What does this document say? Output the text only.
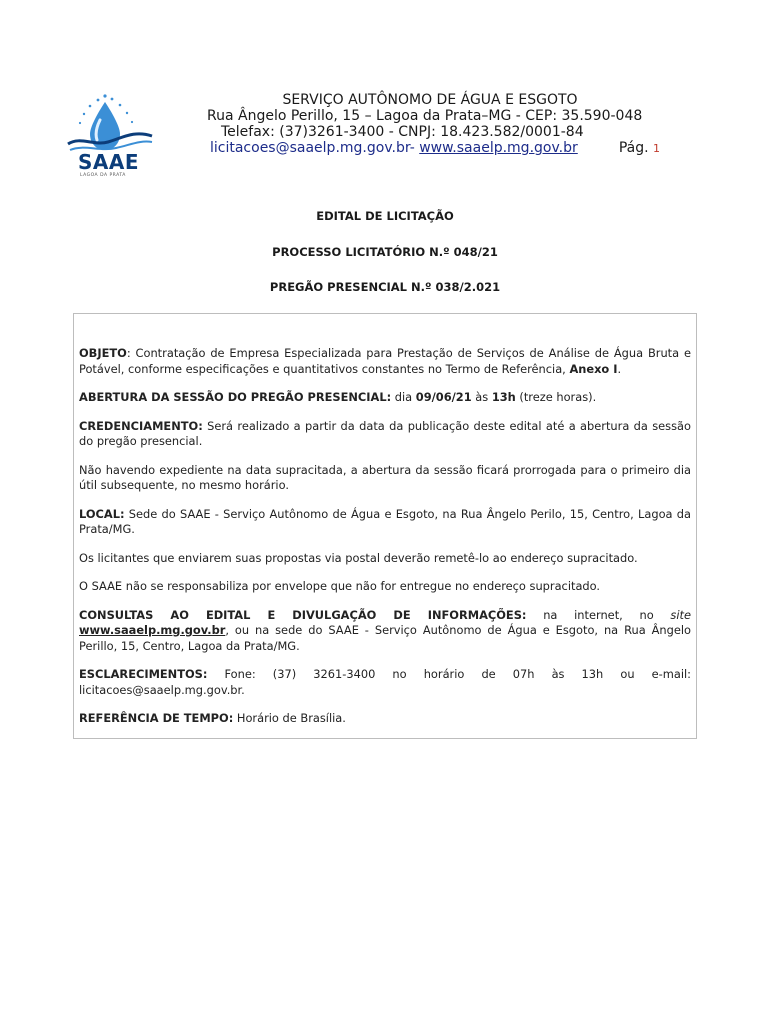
SAAE
LAGOA DA PRATA
SERVIÇO AUTÔNOMO DE ÁGUA E ESGOTO
Rua Ângelo Perillo, 15 – Lagoa da Prata–MG - CEP: 35.590-048
Telefax: (37)3261-3400 - CNPJ: 18.423.582/0001-84
licitacoes@saaelp.mg.gov.br- www.saaelp.mg.gov.br	Pág. 1
EDITAL DE LICITAÇÃO
PROCESSO LICITATÓRIO N.º 048/21
PREGÃO PRESENCIAL N.º 038/2.021

OBJETO: Contratação de Empresa Especializada para Prestação de Serviços de Análise de Água Bruta e Potável, conforme especificações e quantitativos constantes no Termo de Referência, Anexo I.

ABERTURA DA SESSÃO DO PREGÃO PRESENCIAL: dia 09/06/21 às 13h (treze horas).

CREDENCIAMENTO: Será realizado a partir da data da publicação deste edital até a abertura da sessão do pregão presencial.

Não havendo expediente na data supracitada, a abertura da sessão ficará prorrogada para o primeiro dia útil subsequente, no mesmo horário.

LOCAL: Sede do SAAE - Serviço Autônomo de Água e Esgoto, na Rua Ângelo Perilo, 15, Centro, Lagoa da Prata/MG.

Os licitantes que enviarem suas propostas via postal deverão remetê-lo ao endereço supracitado.

O SAAE não se responsabiliza por envelope que não for entregue no endereço supracitado.

CONSULTAS AO EDITAL E DIVULGAÇÃO DE INFORMAÇÕES: na internet, no site www.saaelp.mg.gov.br, ou na sede do SAAE - Serviço Autônomo de Água e Esgoto, na Rua Ângelo Perillo, 15, Centro, Lagoa da Prata/MG.

ESCLARECIMENTOS: Fone: (37) 3261-3400 no horário de 07h às 13h ou e-mail: licitacoes@saaelp.mg.gov.br.

REFERÊNCIA DE TEMPO: Horário de Brasília.
